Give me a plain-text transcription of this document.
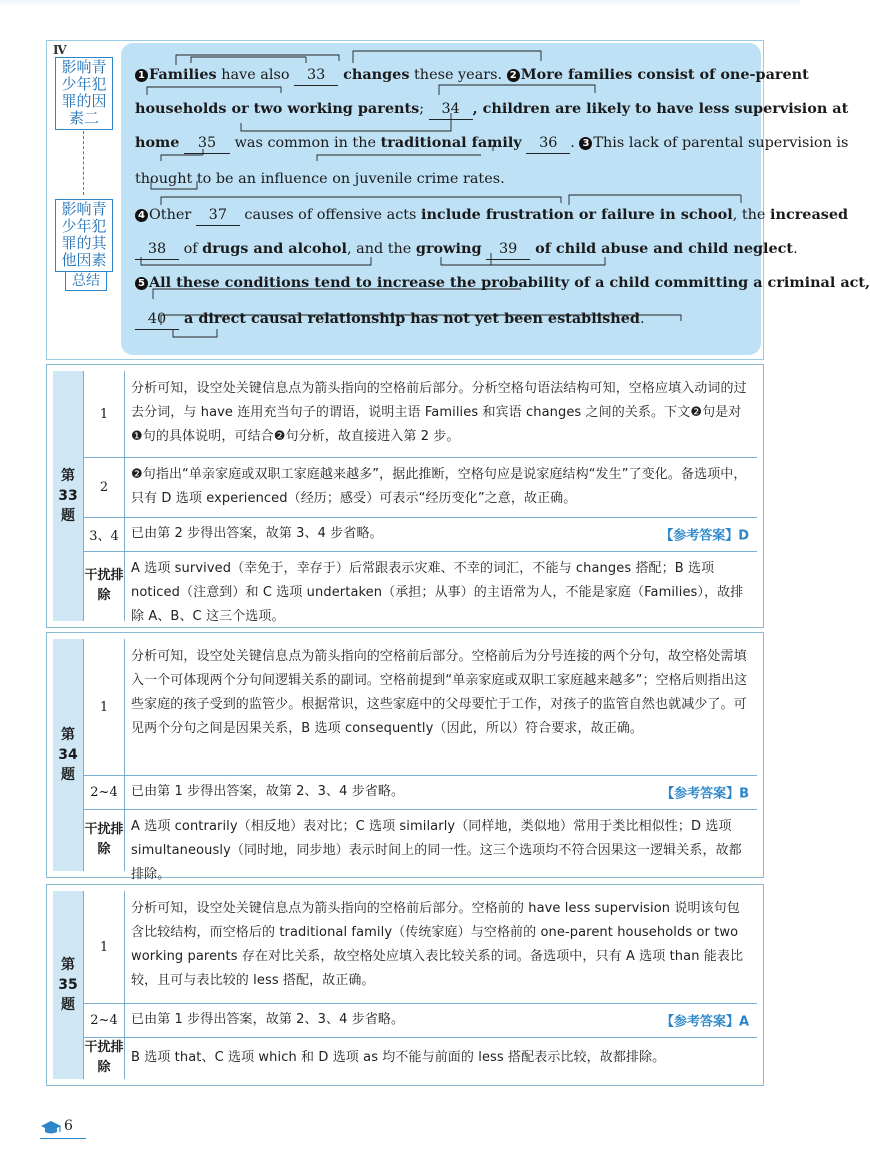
Ⅳ
影响青少年犯罪的因素二
影响青少年犯罪的其他因素
总结
1 Families have also 33 changes these years. 2 More families consist of one-parent
households or two working parents; 34 , children are likely to have less supervision at
home 35 was common in the traditional family 36 . 3 This lack of parental supervision is
thought to be an influence on juvenile crime rates.
4 Other 37 causes of offensive acts include frustration or failure in school, the increased
38 of drugs and alcohol, and the growing 39 of child abuse and child neglect.
5 All these conditions tend to increase the probability of a child committing a criminal act,
40 a direct causal relationship has not yet been established.
第
33
题
1
分析可知，设空处关键信息点为箭头指向的空格前后部分。分析空格句语法结构可知，空格应填入动词的过去分词，与 have 连用充当句子的谓语，说明主语 Families 和宾语 changes 之间的关系。下文❷句是对❶句的具体说明，可结合❷句分析，故直接进入第 2 步。
2
❷句指出“单亲家庭或双职工家庭越来越多”，据此推断，空格句应是说家庭结构“发生”了变化。备选项中，只有 D 选项 experienced（经历；感受）可表示“经历变化”之意，故正确。
3、4 已由第 2 步得出答案，故第 3、4 步省略。	【参考答案】D
干扰排除
A 选项 survived（幸免于，幸存于）后常跟表示灾难、不幸的词汇，不能与 changes 搭配；B 选项 noticed（注意到）和 C 选项 undertaken（承担；从事）的主语常为人，不能是家庭（Families），故排除 A、B、C 这三个选项。
第
34
题
1
分析可知，设空处关键信息点为箭头指向的空格前后部分。空格前后为分号连接的两个分句，故空格处需填入一个可体现两个分句间逻辑关系的副词。空格前提到“单亲家庭或双职工家庭越来越多”；空格后则指出这些家庭的孩子受到的监管少。根据常识，这些家庭中的父母要忙于工作，对孩子的监管自然也就减少了。可见两个分句之间是因果关系，B 选项 consequently（因此，所以）符合要求，故正确。
2~4	已由第 1 步得出答案，故第 2、3、4 步省略。	【参考答案】B
干扰排除
A 选项 contrarily（相反地）表对比；C 选项 similarly（同样地，类似地）常用于类比相似性；D 选项 simultaneously（同时地，同步地）表示时间上的同一性。这三个选项均不符合因果这一逻辑关系，故都排除。
第
35
题
1
分析可知，设空处关键信息点为箭头指向的空格前后部分。空格前的 have less supervision 说明该句包含比较结构，而空格后的 traditional family（传统家庭）与空格前的 one-parent households or two working parents 存在对比关系，故空格处应填入表比较关系的词。备选项中，只有 A 选项 than 能表比较，且可与表比较的 less 搭配，故正确。
2~4	已由第 1 步得出答案，故第 2、3、4 步省略。	【参考答案】A
干扰排除
B 选项 that、C 选项 which 和 D 选项 as 均不能与前面的 less 搭配表示比较，故都排除。
6
